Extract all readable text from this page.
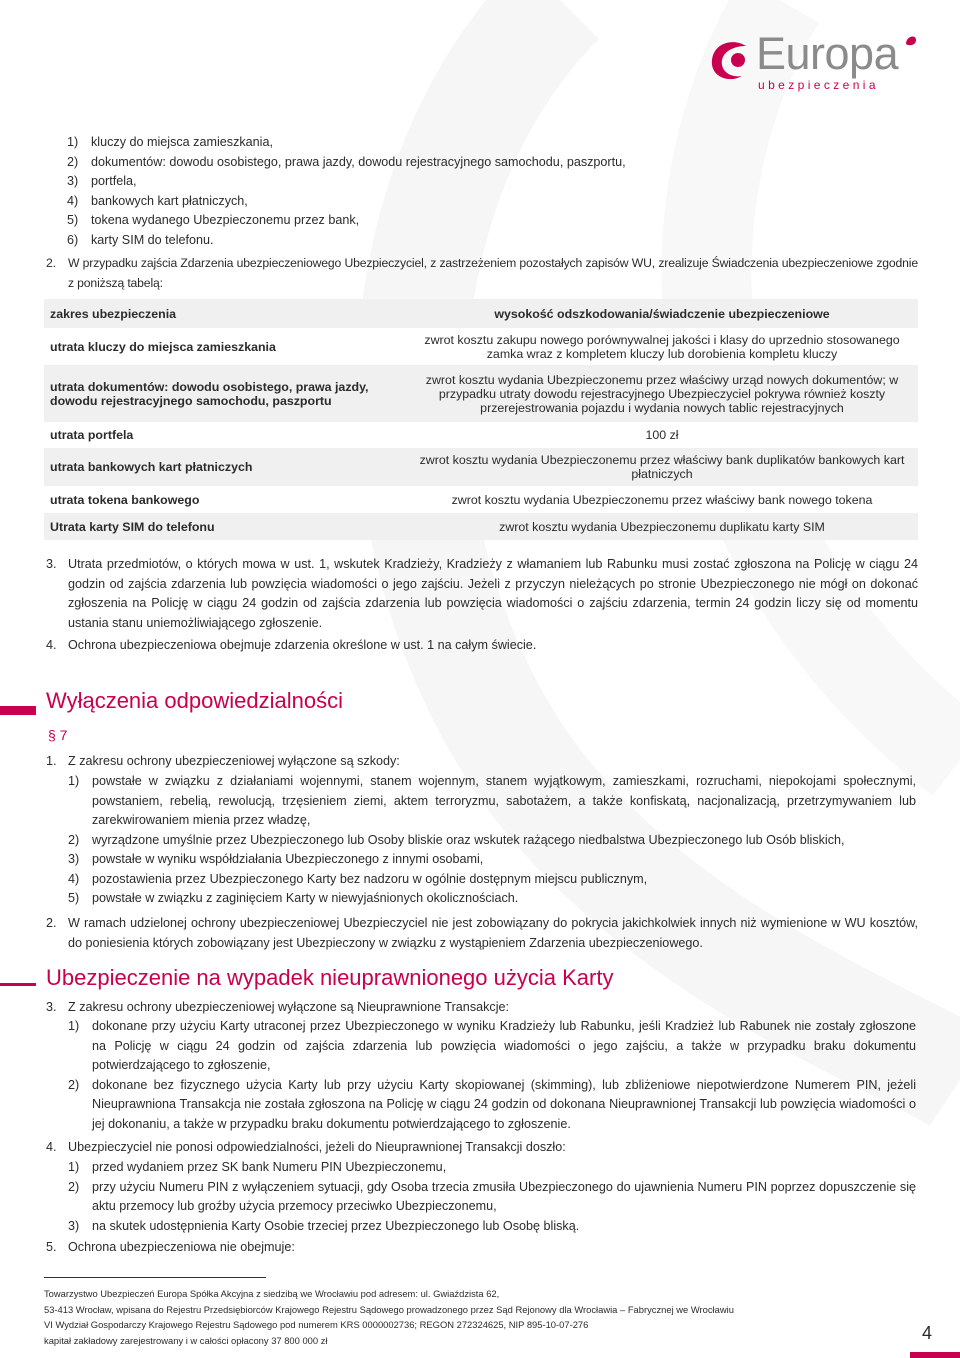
Europa
ubezpieczenia
1) kluczy do miejsca zamieszkania,
2) dokumentów: dowodu osobistego, prawa jazdy, dowodu rejestracyjnego samochodu, paszportu,
3) portfela,
4) bankowych kart płatniczych,
5) tokena wydanego Ubezpieczonemu przez bank,
6) karty SIM do telefonu.
2. W przypadku zajścia Zdarzenia ubezpieczeniowego Ubezpieczyciel, z zastrzeżeniem pozostałych zapisów WU, zrealizuje Świadczenia ubezpieczeniowe zgodnie z poniższą tabelą:
zakres ubezpieczenia	wysokość odszkodowania/świadczenie ubezpieczeniowe
utrata kluczy do miejsca zamieszkania	zwrot kosztu zakupu nowego porównywalnej jakości i klasy do uprzednio stosowanego zamka wraz z kompletem kluczy lub dorobienia kompletu kluczy
utrata dokumentów: dowodu osobistego, prawa jazdy, dowodu rejestracyjnego samochodu, paszportu	zwrot kosztu wydania Ubezpieczonemu przez właściwy urząd nowych dokumentów; w przypadku utraty dowodu rejestracyjnego Ubezpieczyciel pokrywa również koszty przerejestrowania pojazdu i wydania nowych tablic rejestracyjnych
utrata portfela	100 zł
utrata bankowych kart płatniczych	zwrot kosztu wydania Ubezpieczonemu przez właściwy bank duplikatów bankowych kart płatniczych
utrata tokena bankowego	zwrot kosztu wydania Ubezpieczonemu przez właściwy bank nowego tokena
Utrata karty SIM do telefonu	zwrot kosztu wydania Ubezpieczonemu duplikatu karty SIM
3. Utrata przedmiotów, o których mowa w ust. 1, wskutek Kradzieży, Kradzieży z włamaniem lub Rabunku musi zostać zgłoszona na Policję w ciągu 24 godzin od zajścia zdarzenia lub powzięcia wiadomości o jego zajściu. Jeżeli z przyczyn nieleżących po stronie Ubezpieczonego nie mógł on dokonać zgłoszenia na Policję w ciągu 24 godzin od zajścia zdarzenia lub powzięcia wiadomości o zajściu zdarzenia, termin 24 godzin liczy się od momentu ustania stanu uniemożliwiającego zgłoszenie.
4. Ochrona ubezpieczeniowa obejmuje zdarzenia określone w ust. 1 na całym świecie.
Wyłączenia odpowiedzialności
§ 7
1. Z zakresu ochrony ubezpieczeniowej wyłączone są szkody:
1) powstałe w związku z działaniami wojennymi, stanem wojennym, stanem wyjątkowym, zamieszkami, rozruchami, niepokojami społecznymi, powstaniem, rebelią, rewolucją, trzęsieniem ziemi, aktem terroryzmu, sabotażem, a także konfiskatą, nacjonalizacją, przetrzymywaniem lub zarekwirowaniem mienia przez władzę,
2) wyrządzone umyślnie przez Ubezpieczonego lub Osoby bliskie oraz wskutek rażącego niedbalstwa Ubezpieczonego lub Osób bliskich,
3) powstałe w wyniku współdziałania Ubezpieczonego z innymi osobami,
4) pozostawienia przez Ubezpieczonego Karty bez nadzoru w ogólnie dostępnym miejscu publicznym,
5) powstałe w związku z zaginięciem Karty w niewyjaśnionych okolicznościach.
2. W ramach udzielonej ochrony ubezpieczeniowej Ubezpieczyciel nie jest zobowiązany do pokrycia jakichkolwiek innych niż wymienione w WU kosztów, do poniesienia których zobowiązany jest Ubezpieczony w związku z wystąpieniem Zdarzenia ubezpieczeniowego.
Ubezpieczenie na wypadek nieuprawnionego użycia Karty
3. Z zakresu ochrony ubezpieczeniowej wyłączone są Nieuprawnione Transakcje:
1) dokonane przy użyciu Karty utraconej przez Ubezpieczonego w wyniku Kradzieży lub Rabunku, jeśli Kradzież lub Rabunek nie zostały zgłoszone na Policję w ciągu 24 godzin od zajścia zdarzenia lub powzięcia wiadomości o jego zajściu, a także w przypadku braku dokumentu potwierdzającego to zgłoszenie,
2) dokonane bez fizycznego użycia Karty lub przy użyciu Karty skopiowanej (skimming), lub zbliżeniowe niepotwierdzone Numerem PIN, jeżeli Nieuprawniona Transakcja nie została zgłoszona na Policję w ciągu 24 godzin od dokonana Nieuprawnionej Transakcji lub powzięcia wiadomości o jej dokonaniu, a także w przypadku braku dokumentu potwierdzającego to zgłoszenie.
4. Ubezpieczyciel nie ponosi odpowiedzialności, jeżeli do Nieuprawnionej Transakcji doszło:
1) przed wydaniem przez SK bank Numeru PIN Ubezpieczonemu,
2) przy użyciu Numeru PIN z wyłączeniem sytuacji, gdy Osoba trzecia zmusiła Ubezpieczonego do ujawnienia Numeru PIN poprzez dopuszczenie się aktu przemocy lub groźby użycia przemocy przeciwko Ubezpieczonemu,
3) na skutek udostępnienia Karty Osobie trzeciej przez Ubezpieczonego lub Osobę bliską.
5. Ochrona ubezpieczeniowa nie obejmuje:
Towarzystwo Ubezpieczeń Europa Spółka Akcyjna z siedzibą we Wrocławiu pod adresem: ul. Gwiaździsta 62,
53-413 Wrocław, wpisana do Rejestru Przedsiębiorców Krajowego Rejestru Sądowego prowadzonego przez Sąd Rejonowy dla Wrocławia – Fabrycznej we Wrocławiu
VI Wydział Gospodarczy Krajowego Rejestru Sądowego pod numerem KRS 0000002736; REGON 272324625, NIP 895-10-07-276
kapitał zakładowy zarejestrowany i w całości opłacony 37 800 000 zł	4
